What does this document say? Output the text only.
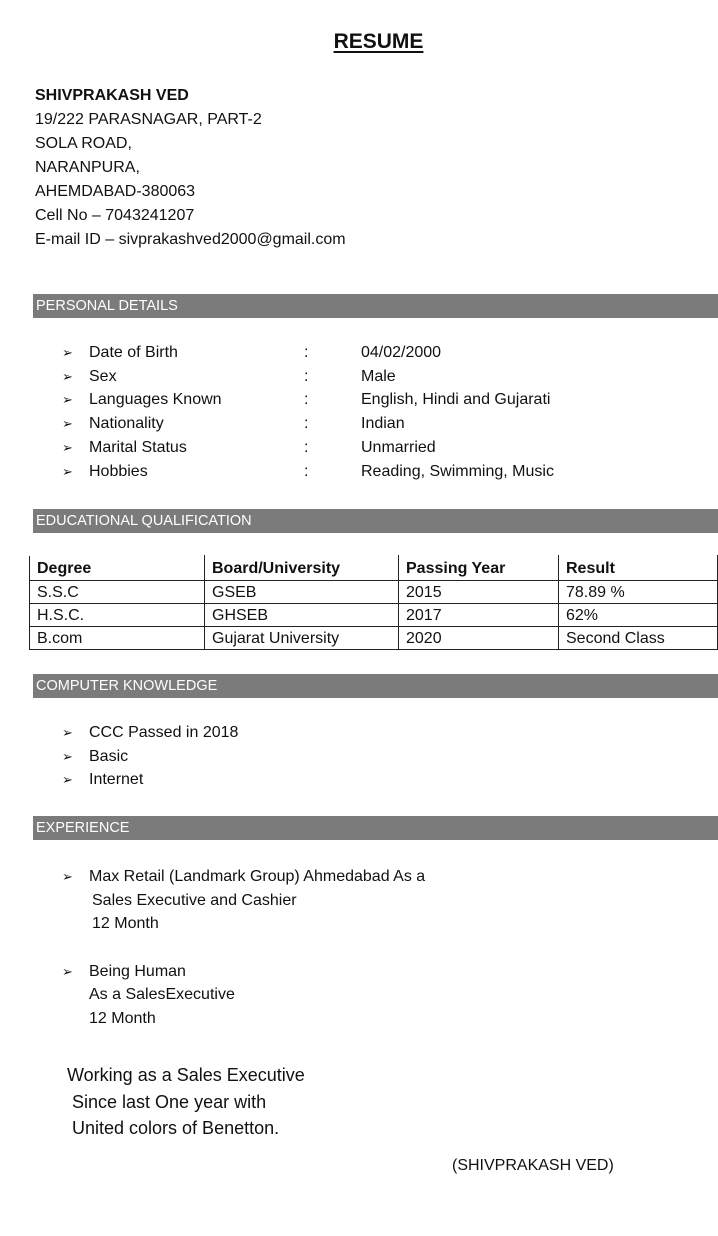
RESUME
SHIVPRAKASH VED
19/222 PARASNAGAR, PART-2
SOLA ROAD,
NARANPURA,
AHEMDABAD-380063
Cell No – 7043241207
E-mail ID – sivprakashved2000@gmail.com
PERSONAL DETAILS
➢ Date of Birth	:	04/02/2000
➢ Sex	:	Male
➢ Languages Known	:	English, Hindi and Gujarati
➢ Nationality	:	Indian
➢ Marital Status	:	Unmarried
➢ Hobbies	:	Reading, Swimming, Music
EDUCATIONAL QUALIFICATION
Degree	Board/University	Passing Year	Result
S.S.C	GSEB	2015	78.89 %
H.S.C.	GHSEB	2017	62%
B.com	Gujarat University	2020	Second Class
COMPUTER KNOWLEDGE
➢ CCC Passed in 2018
➢ Basic
➢ Internet
EXPERIENCE
➢ Max Retail (Landmark Group) Ahmedabad As a
Sales Executive and Cashier
12 Month
➢ Being Human
As a SalesExecutive
12 Month
Working as a Sales Executive
Since last One year with
United colors of Benetton.
(SHIVPRAKASH VED)
